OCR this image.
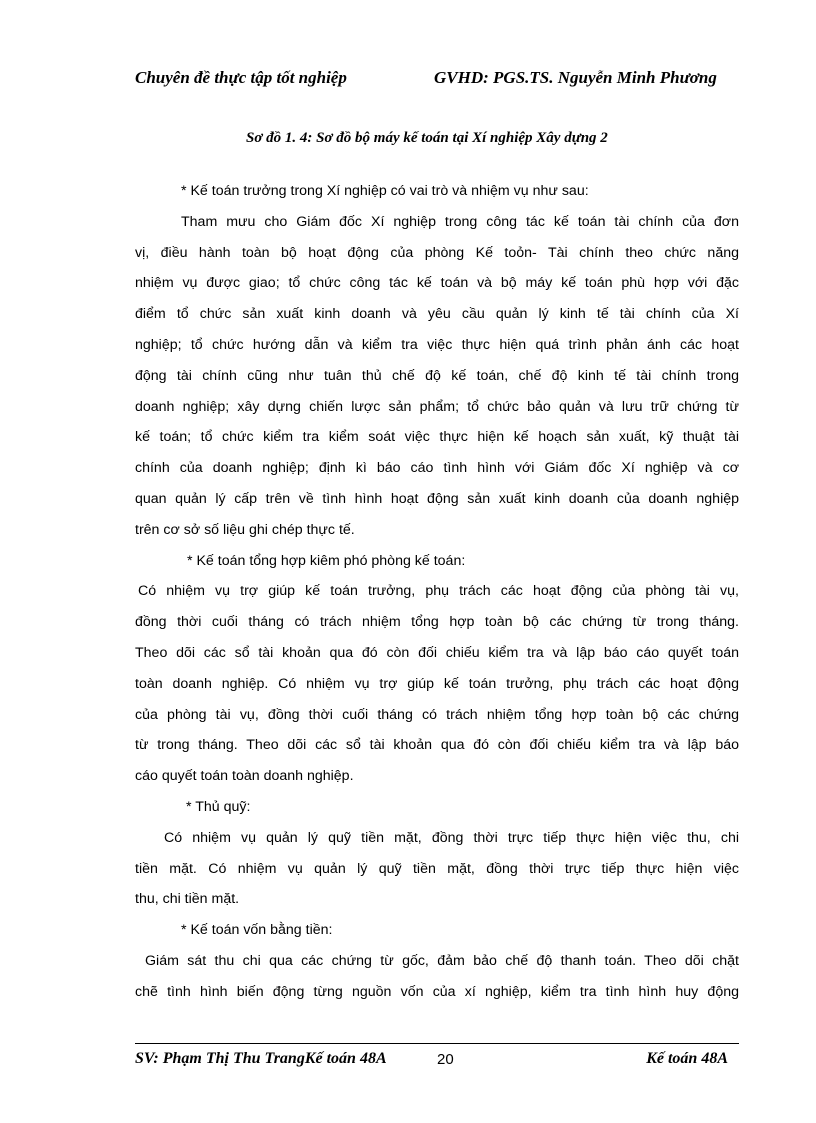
Chuyên đề thực tập tốt nghiệp	GVHD: PGS.TS. Nguyễn Minh Phương
Sơ đồ 1. 4: Sơ đồ bộ máy kế toán tại Xí nghiệp Xây dựng 2
* Kế toán trưởng trong Xí nghiệp có vai trò và nhiệm vụ như sau:
Tham mưu cho Giám đốc Xí nghiệp trong công tác kế toán tài chính của đơn
vị, điều hành toàn bộ hoạt động của phòng Kế toỏn- Tài chính theo chức năng
nhiệm vụ được giao; tổ chức công tác kế toán và bộ máy kế toán phù hợp với đặc
điểm tổ chức sản xuất kinh doanh và yêu cầu quản lý kinh tế tài chính của Xí
nghiệp; tổ chức hướng dẫn và kiểm tra việc thực hiện quá trình phản ánh các hoạt
động tài chính cũng như tuân thủ chế độ kế toán, chế độ kinh tế tài chính trong
doanh nghiệp; xây dựng chiến lược sản phẩm; tổ chức bảo quản và lưu trữ chứng từ
kế toán; tổ chức kiểm tra kiểm soát việc thực hiện kế hoạch sản xuất, kỹ thuật tài
chính của doanh nghiệp; định kì báo cáo tình hình với Giám đốc Xí nghiệp và cơ
quan quản lý cấp trên về tình hình hoạt động sản xuất kinh doanh của doanh nghiệp
trên cơ sở số liệu ghi chép thực tế.
* Kế toán tổng hợp kiêm phó phòng kế toán:
Có nhiệm vụ trợ giúp kế toán trưởng, phụ trách các hoạt động của phòng tài vụ,
đồng thời cuối tháng có trách nhiệm tổng hợp toàn bộ các chứng từ trong tháng.
Theo dõi các sổ tài khoản qua đó còn đối chiếu kiểm tra và lập báo cáo quyết toán
toàn doanh nghiệp. Có nhiệm vụ trợ giúp kế toán trưởng, phụ trách các hoạt động
của phòng tài vụ, đồng thời cuối tháng có trách nhiệm tổng hợp toàn bộ các chứng
từ trong tháng. Theo dõi các sổ tài khoản qua đó còn đối chiếu kiểm tra và lập báo
cáo quyết toán toàn doanh nghiệp.
* Thủ quỹ:
Có nhiệm vụ quản lý quỹ tiền mặt, đồng thời trực tiếp thực hiện việc thu, chi
tiền mặt. Có nhiệm vụ quản lý quỹ tiền mặt, đồng thời trực tiếp thực hiện việc
thu, chi tiền mặt.
* Kế toán vốn bằng tiền:
Giám sát thu chi qua các chứng từ gốc, đảm bảo chế độ thanh toán. Theo dõi chặt
chẽ tình hình biến động từng nguồn vốn của xí nghiệp, kiểm tra tình hình huy động
SV: Phạm Thị Thu TrangKế toán 48A	20	Kế toán 48A
